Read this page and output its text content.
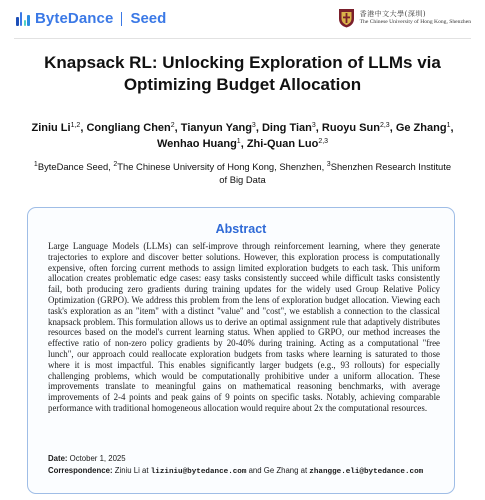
ByteDance Seed	香港中文大學(深圳)
The Chinese University of Hong Kong, Shenzhen
Knapsack RL: Unlocking Exploration of LLMs via
Optimizing Budget Allocation
Ziniu Li$^{1,2}$, Congliang Chen$^2$, Tianyun Yang$^3$, Ding Tian$^3$, Ruoyu Sun$^{2,3}$, Ge Zhang$^1$,
Wenhao Huang$^1$, Zhi-Quan Luo$^{2,3}$
$^1$ByteDance Seed, $^2$The Chinese University of Hong Kong, Shenzhen, $^3$Shenzhen Research Institute of Big Data
Abstract
Large Language Models (LLMs) can self-improve through reinforcement learning, where they generate trajectories to explore and discover better solutions. However, this exploration process is computationally expensive, often forcing current methods to assign limited exploration budgets to each task. This uniform allocation creates problematic edge cases: easy tasks consistently succeed while difficult tasks consistently fail, both producing zero gradients during training updates for the widely used Group Relative Policy Optimization (GRPO). We address this problem from the lens of exploration budget allocation. Viewing each task's exploration as an "item" with a distinct "value" and "cost", we establish a connection to the classical knapsack problem. This formulation allows us to derive an optimal assignment rule that adaptively distributes resources based on the model's current learning status. When applied to GRPO, our method increases the effective ratio of non-zero policy gradients by 20-40% during training. Acting as a computational "free lunch", our approach could reallocate exploration budgets from tasks where learning is saturated to those where it is most impactful. This enables significantly larger budgets (e.g., 93 rollouts) for especially challenging problems, which would be computationally prohibitive under a uniform allocation. These improvements translate to meaningful gains on mathematical reasoning benchmarks, with average improvements of 2-4 points and peak gains of 9 points on specific tasks. Notably, achieving comparable performance with traditional homogeneous allocation would require about 2x the computational resources.
Date: October 1, 2025
Correspondence: Ziniu Li at liziniu@bytedance.com and Ge Zhang at zhangge.eli@bytedance.com
